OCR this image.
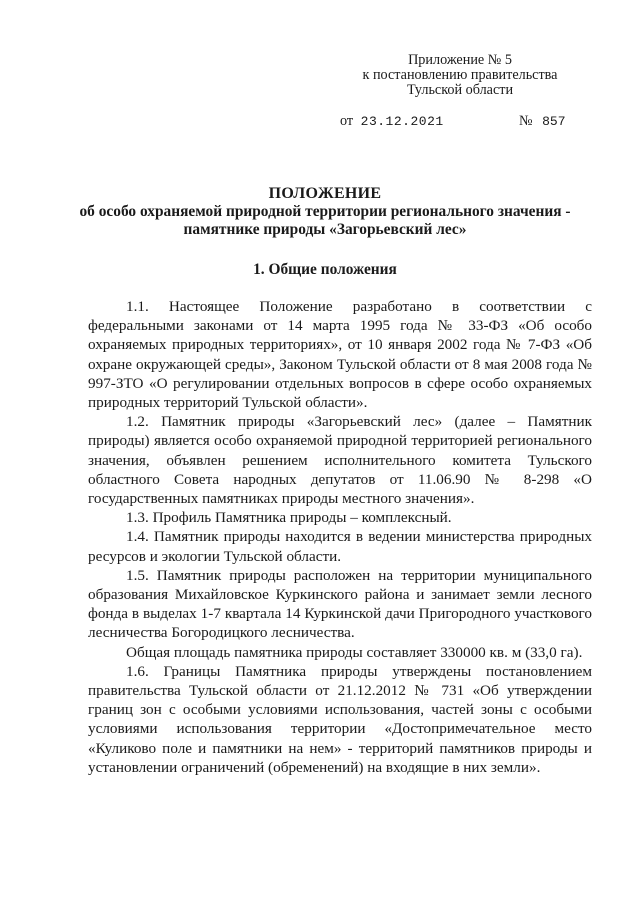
Приложение № 5
к постановлению правительства
Тульской области
от 23.12.2021	№ 857
ПОЛОЖЕНИЕ
об особо охраняемой природной территории регионального значения -
памятнике природы «Загорьевский лес»
1. Общие положения

1.1. Настоящее Положение разработано в соответствии с федеральными законами от 14 марта 1995 года № 33-ФЗ «Об особо охраняемых природных территориях», от 10 января 2002 года № 7-ФЗ «Об охране окружающей среды», Законом Тульской области от 8 мая 2008 года № 997-ЗТО «О регулировании отдельных вопросов в сфере особо охраняемых природных территорий Тульской области».

1.2. Памятник природы «Загорьевский лес» (далее – Памятник природы) является особо охраняемой природной территорией регионального значения, объявлен решением исполнительного комитета Тульского областного Совета народных депутатов от 11.06.90 № 8-298 «О государственных памятниках природы местного значения».

1.3. Профиль Памятника природы – комплексный.

1.4. Памятник природы находится в ведении министерства природных ресурсов и экологии Тульской области.

1.5. Памятник природы расположен на территории муниципального образования Михайловское Куркинского района и занимает земли лесного фонда в выделах 1-7 квартала 14 Куркинской дачи Пригородного участкового лесничества Богородицкого лесничества.

Общая площадь памятника природы составляет 330000 кв. м (33,0 га).

1.6. Границы Памятника природы утверждены постановлением правительства Тульской области от 21.12.2012 № 731 «Об утверждении границ зон с особыми условиями использования, частей зоны с особыми условиями использования территории «Достопримечательное место «Куликово поле и памятники на нем» - территорий памятников природы и установлении ограничений (обременений) на входящие в них земли».
